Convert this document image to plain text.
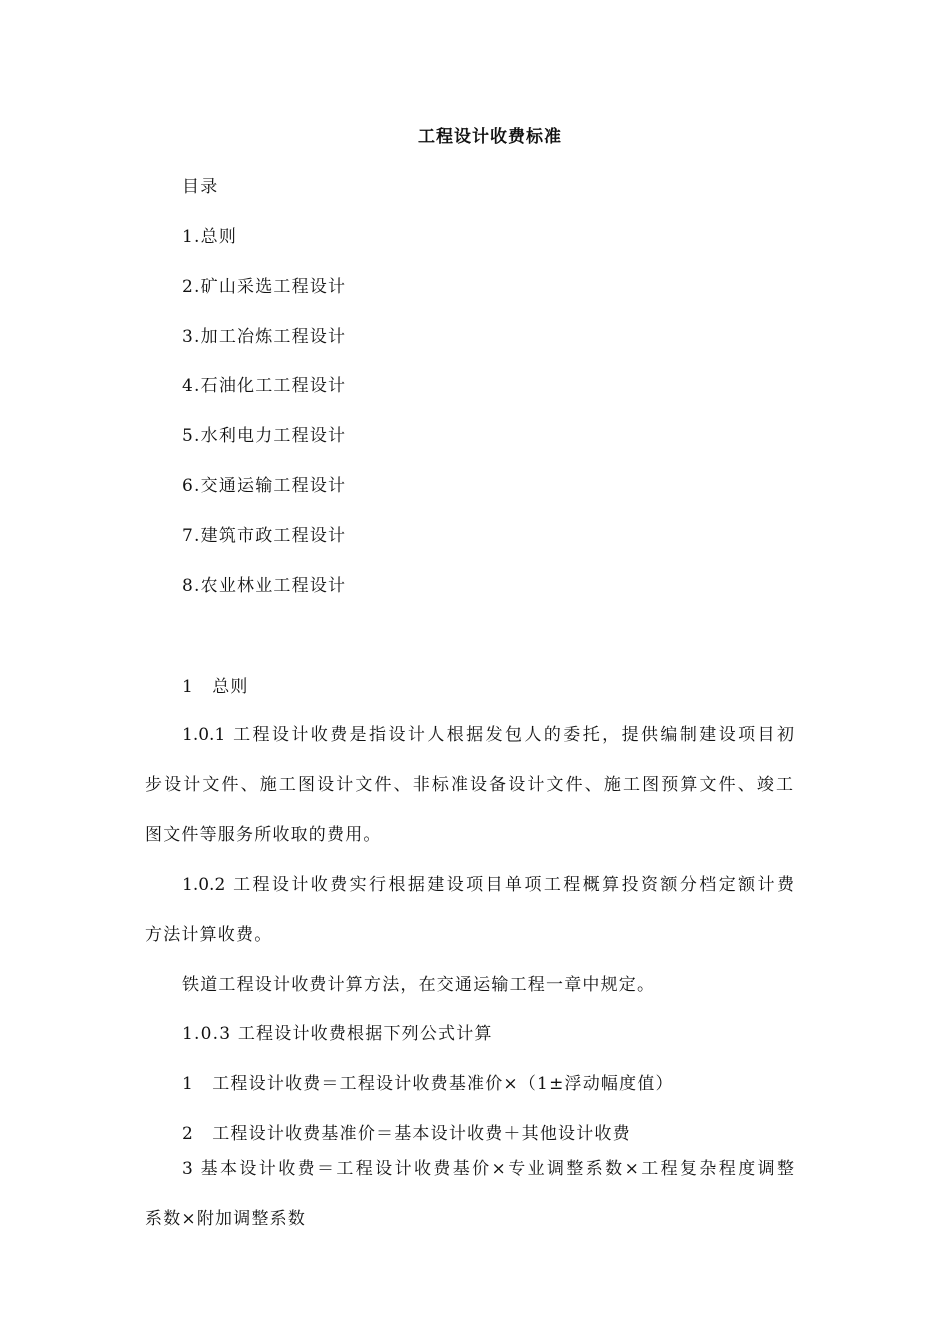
工程设计收费标准
目录
1.总则
2.矿山采选工程设计
3.加工冶炼工程设计
4.石油化工工程设计
5.水利电力工程设计
6.交通运输工程设计
7.建筑市政工程设计
8.农业林业工程设计
1　总则
1.0.1 工程设计收费是指设计人根据发包人的委托，提供编制建设项目初
步设计文件、施工图设计文件、非标准设备设计文件、施工图预算文件、竣工
图文件等服务所收取的费用。
1.0.2 工程设计收费实行根据建设项目单项工程概算投资额分档定额计费
方法计算收费。
铁道工程设计收费计算方法，在交通运输工程一章中规定。
1.0.3 工程设计收费根据下列公式计算
1　工程设计收费＝工程设计收费基准价×（1±浮动幅度值）
2　工程设计收费基准价＝基本设计收费＋其他设计收费
3 基本设计收费＝工程设计收费基价×专业调整系数×工程复杂程度调整
系数×附加调整系数
